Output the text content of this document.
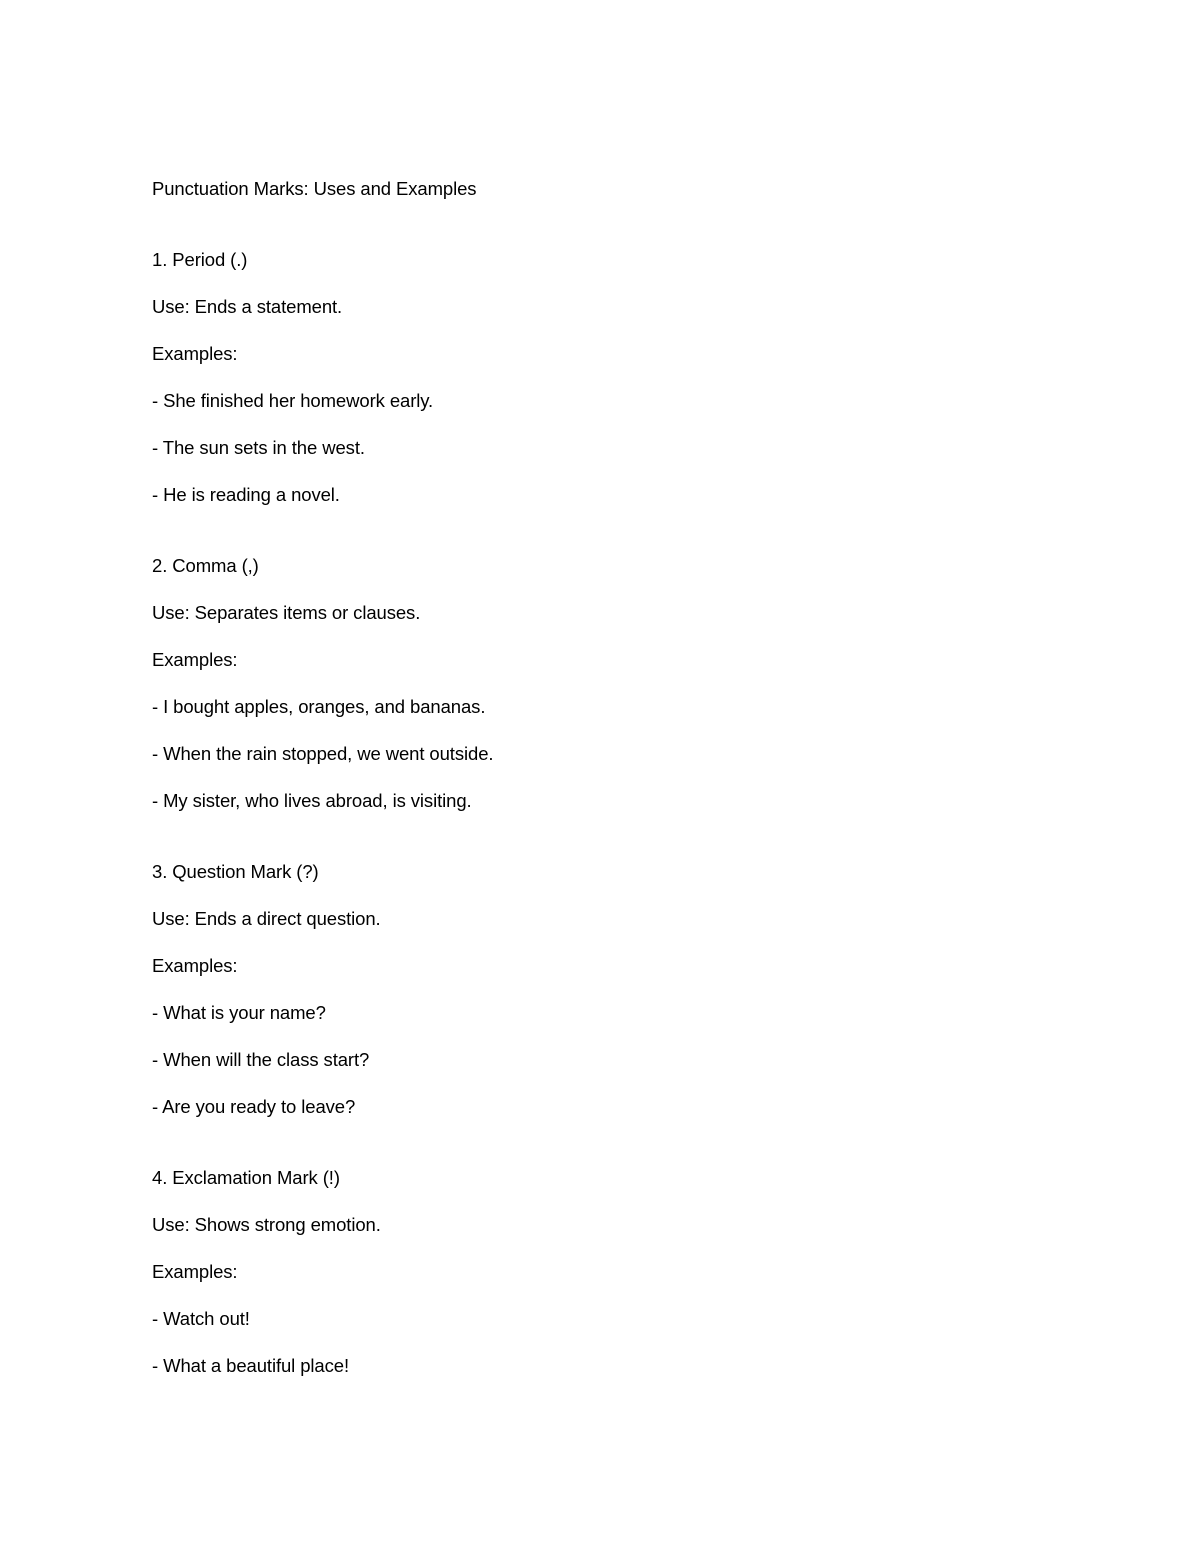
Punctuation Marks: Uses and Examples
1. Period (.)
Use: Ends a statement.
Examples:
- She finished her homework early.
- The sun sets in the west.
- He is reading a novel.
2. Comma (,)
Use: Separates items or clauses.
Examples:
- I bought apples, oranges, and bananas.
- When the rain stopped, we went outside.
- My sister, who lives abroad, is visiting.
3. Question Mark (?)
Use: Ends a direct question.
Examples:
- What is your name?
- When will the class start?
- Are you ready to leave?
4. Exclamation Mark (!)
Use: Shows strong emotion.
Examples:
- Watch out!
- What a beautiful place!
